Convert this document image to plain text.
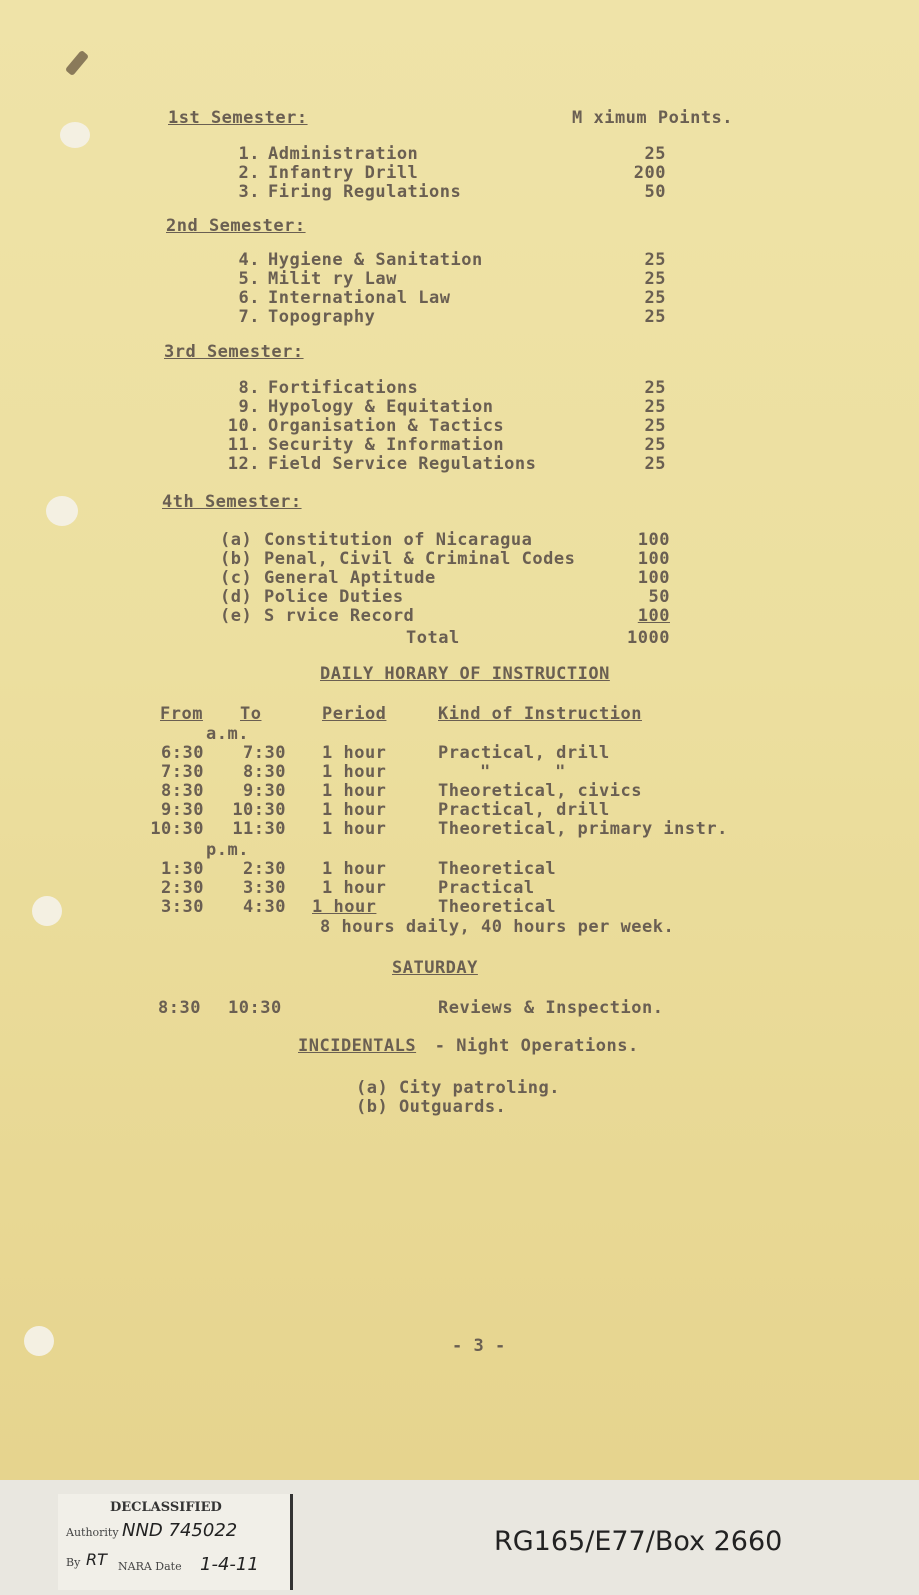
1st Semester:	M ximum Points.
1. Administration	25
2. Infantry Drill	200
3. Firing Regulations	50
2nd Semester:
4. Hygiene & Sanitation	25
5. Milit ry Law	25
6. International Law	25
7. Topography	25
3rd Semester:
8. Fortifications	25
9. Hypology & Equitation	25
10. Organisation & Tactics	25
11. Security & Information	25
12. Field Service Regulations	25
4th Semester:
(a) Constitution of Nicaragua	100
(b) Penal, Civil & Criminal Codes	100
(c) General Aptitude	100
(d) Police Duties	50
(e) S rvice Record	100
Total	1000
DAILY HORARY OF INSTRUCTION
From To	Period	Kind of Instruction
a.m.
6:30	7:30 1 hour	Practical, drill
7:30	8:30 1 hour	"      "
8:30	9:30 1 hour	Theoretical, civics
9:30	10:30 1 hour	Practical, drill
10:30	11:30 1 hour	Theoretical, primary instr.
p.m.
1:30	2:30 1 hour	Theoretical
2:30	3:30 1 hour	Practical
3:30	4:30 1 hour	Theoretical
8 hours daily, 40 hours per week.
SATURDAY
8:30 10:30	Reviews & Inspection.
INCIDENTALS - Night Operations.
(a) City patroling.
(b) Outguards.
- 3 -
DECLASSIFIED
Authority NND 745022
By RT NARA Date 1-4-11
RG165/E77/Box 2660
